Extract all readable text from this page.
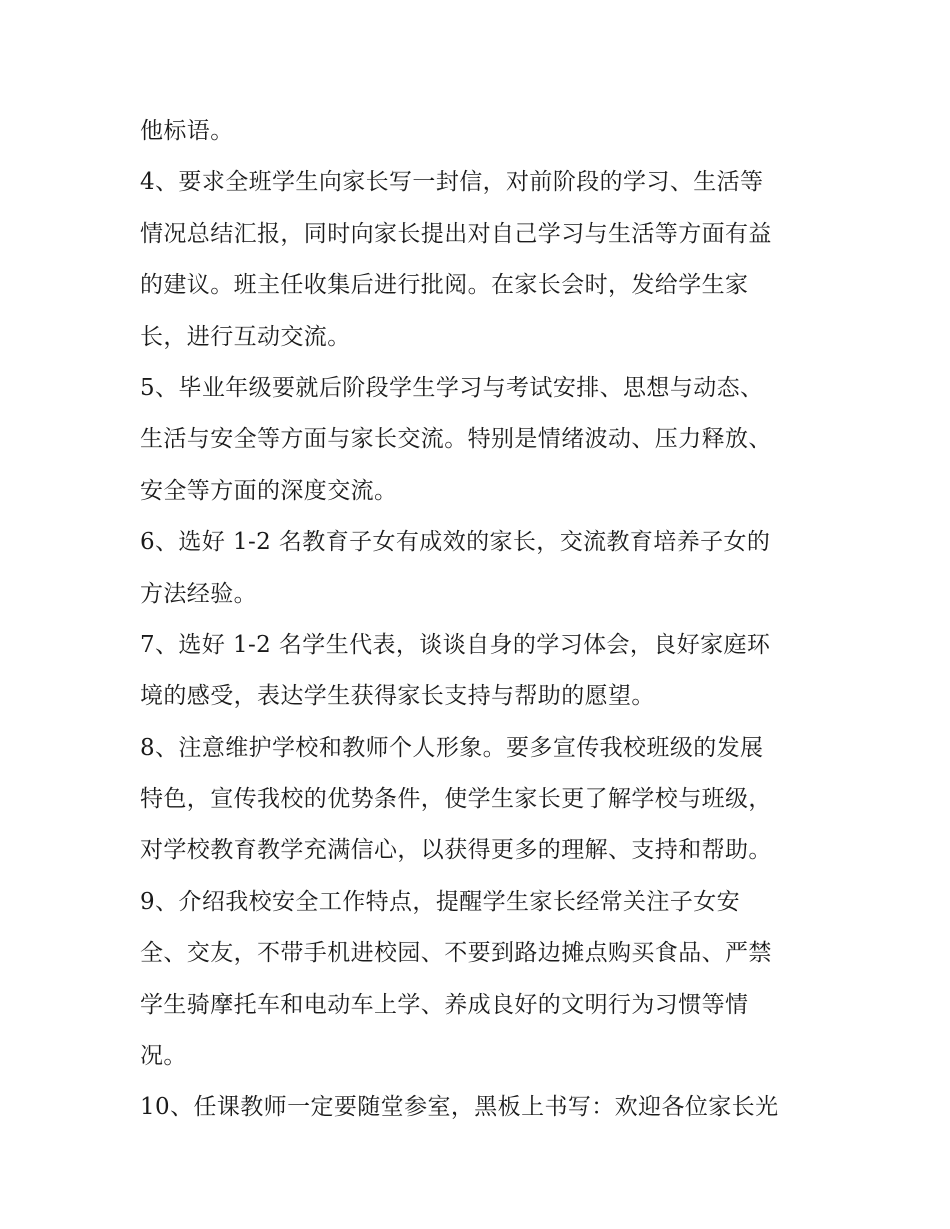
他标语。
4、要求全班学生向家长写一封信，对前阶段的学习、生活等
情况总结汇报，同时向家长提出对自己学习与生活等方面有益
的建议。班主任收集后进行批阅。在家长会时，发给学生家
长，进行互动交流。
5、毕业年级要就后阶段学生学习与考试安排、思想与动态、
生活与安全等方面与家长交流。特别是情绪波动、压力释放、
安全等方面的深度交流。
6、选好 1-2 名教育子女有成效的家长，交流教育培养子女的
方法经验。
7、选好 1-2 名学生代表，谈谈自身的学习体会，良好家庭环
境的感受，表达学生获得家长支持与帮助的愿望。
8、注意维护学校和教师个人形象。要多宣传我校班级的发展
特色，宣传我校的优势条件，使学生家长更了解学校与班级，
对学校教育教学充满信心，以获得更多的理解、支持和帮助。
9、介绍我校安全工作特点，提醒学生家长经常关注子女安
全、交友，不带手机进校园、不要到路边摊点购买食品、严禁
学生骑摩托车和电动车上学、养成良好的文明行为习惯等情
况。
10、任课教师一定要随堂参室，黑板上书写：欢迎各位家长光
